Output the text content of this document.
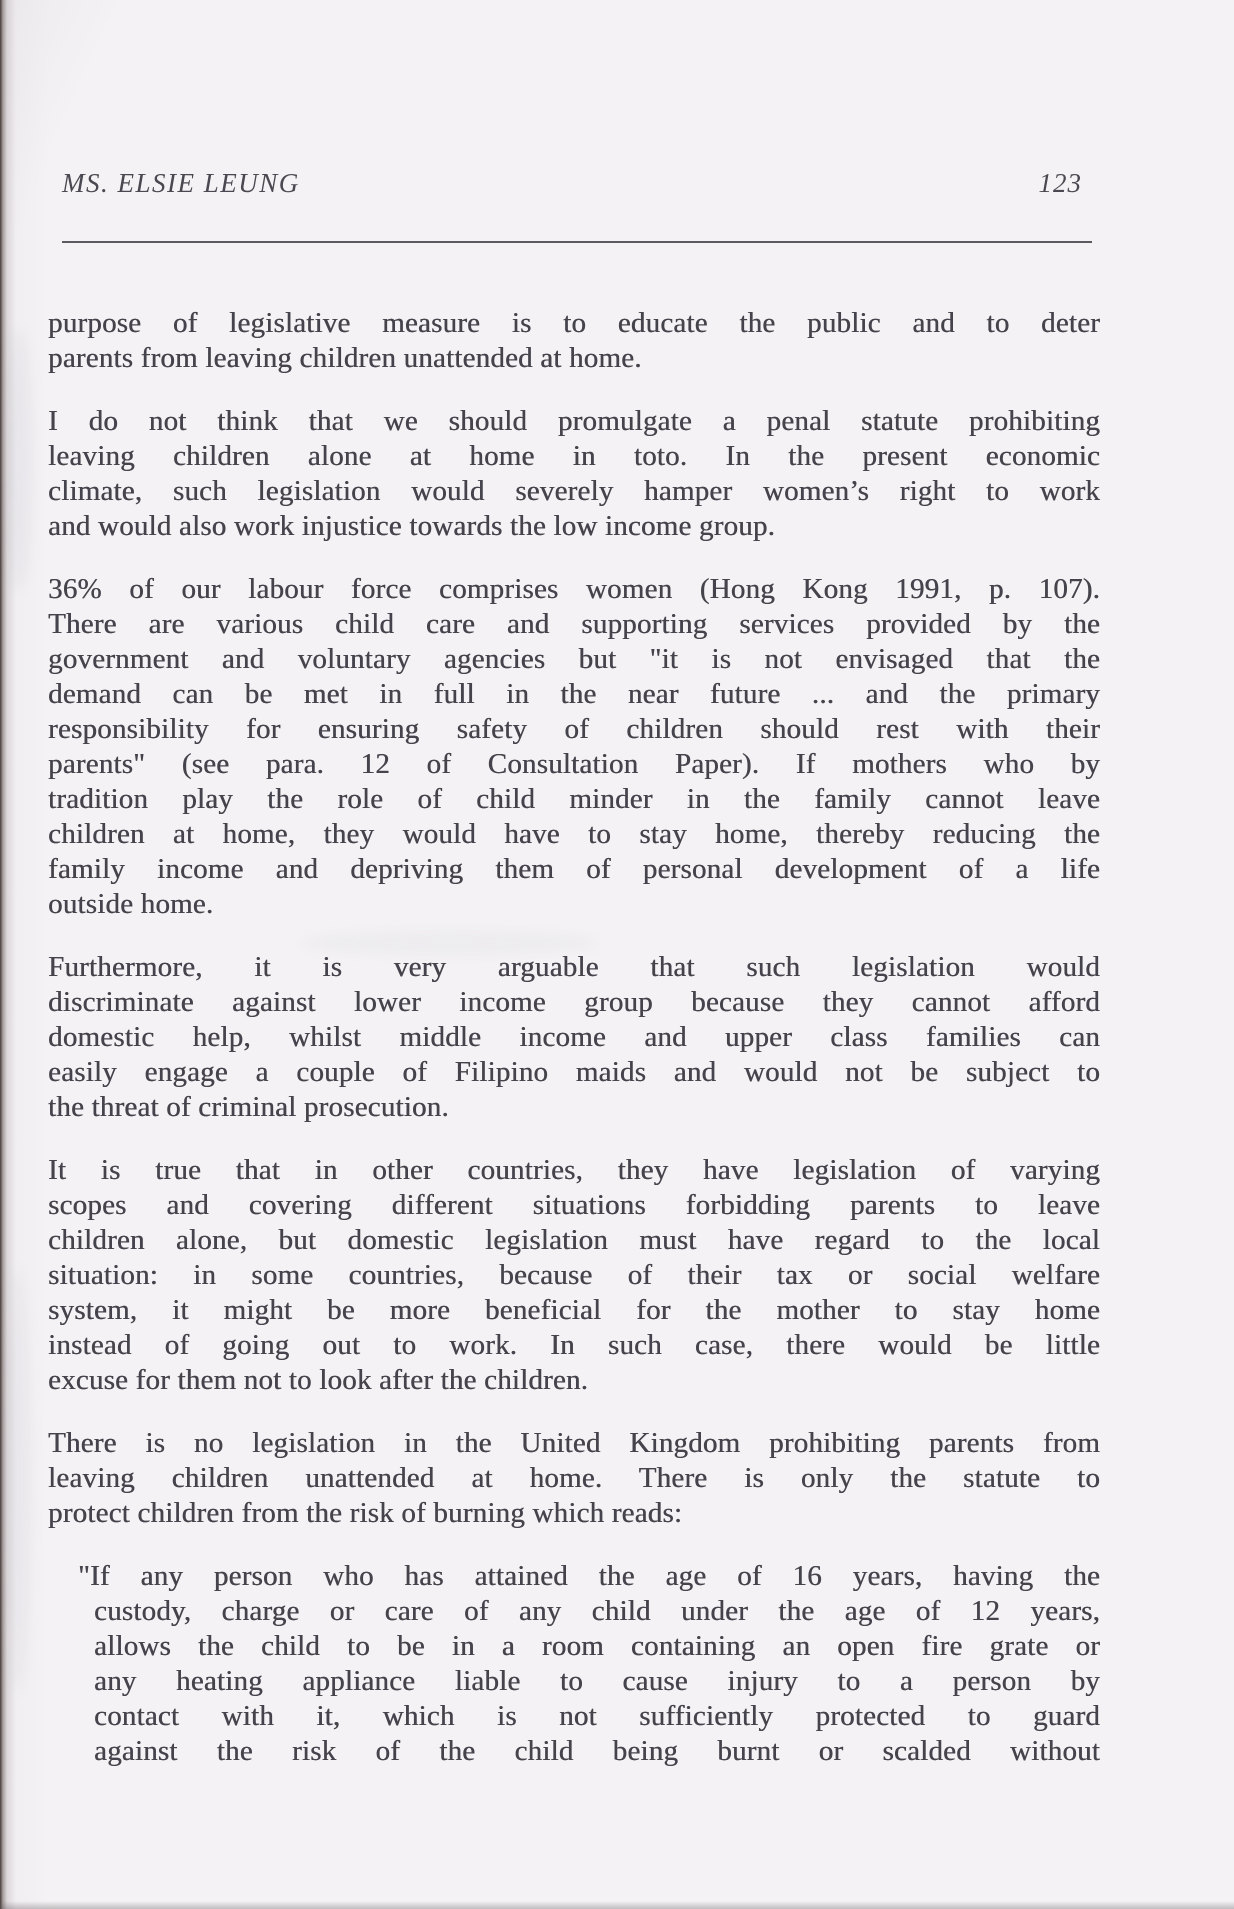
MS. ELSIE LEUNG	123
purpose of legislative measure is to educate the public and to deter
parents from leaving children unattended at home.
I do not think that we should promulgate a penal statute prohibiting
leaving children alone at home in toto. In the present economic
climate, such legislation would severely hamper women’s right to work
and would also work injustice towards the low income group.
36% of our labour force comprises women (Hong Kong 1991, p. 107).
There are various child care and supporting services provided by the
government and voluntary agencies but "it is not envisaged that the
demand can be met in full in the near future ... and the primary
responsibility for ensuring safety of children should rest with their
parents" (see para. 12 of Consultation Paper). If mothers who by
tradition play the role of child minder in the family cannot leave
children at home, they would have to stay home, thereby reducing the
family income and depriving them of personal development of a life
outside home.
Furthermore, it is very arguable that such legislation would
discriminate against lower income group because they cannot afford
domestic help, whilst middle income and upper class families can
easily engage a couple of Filipino maids and would not be subject to
the threat of criminal prosecution.
It is true that in other countries, they have legislation of varying
scopes and covering different situations forbidding parents to leave
children alone, but domestic legislation must have regard to the local
situation: in some countries, because of their tax or social welfare
system, it might be more beneficial for the mother to stay home
instead of going out to work. In such case, there would be little
excuse for them not to look after the children.
There is no legislation in the United Kingdom prohibiting parents from
leaving children unattended at home. There is only the statute to
protect children from the risk of burning which reads:
"If any person who has attained the age of 16 years, having the
custody, charge or care of any child under the age of 12 years,
allows the child to be in a room containing an open fire grate or
any heating appliance liable to cause injury to a person by
contact with it, which is not sufficiently protected to guard
against the risk of the child being burnt or scalded without
